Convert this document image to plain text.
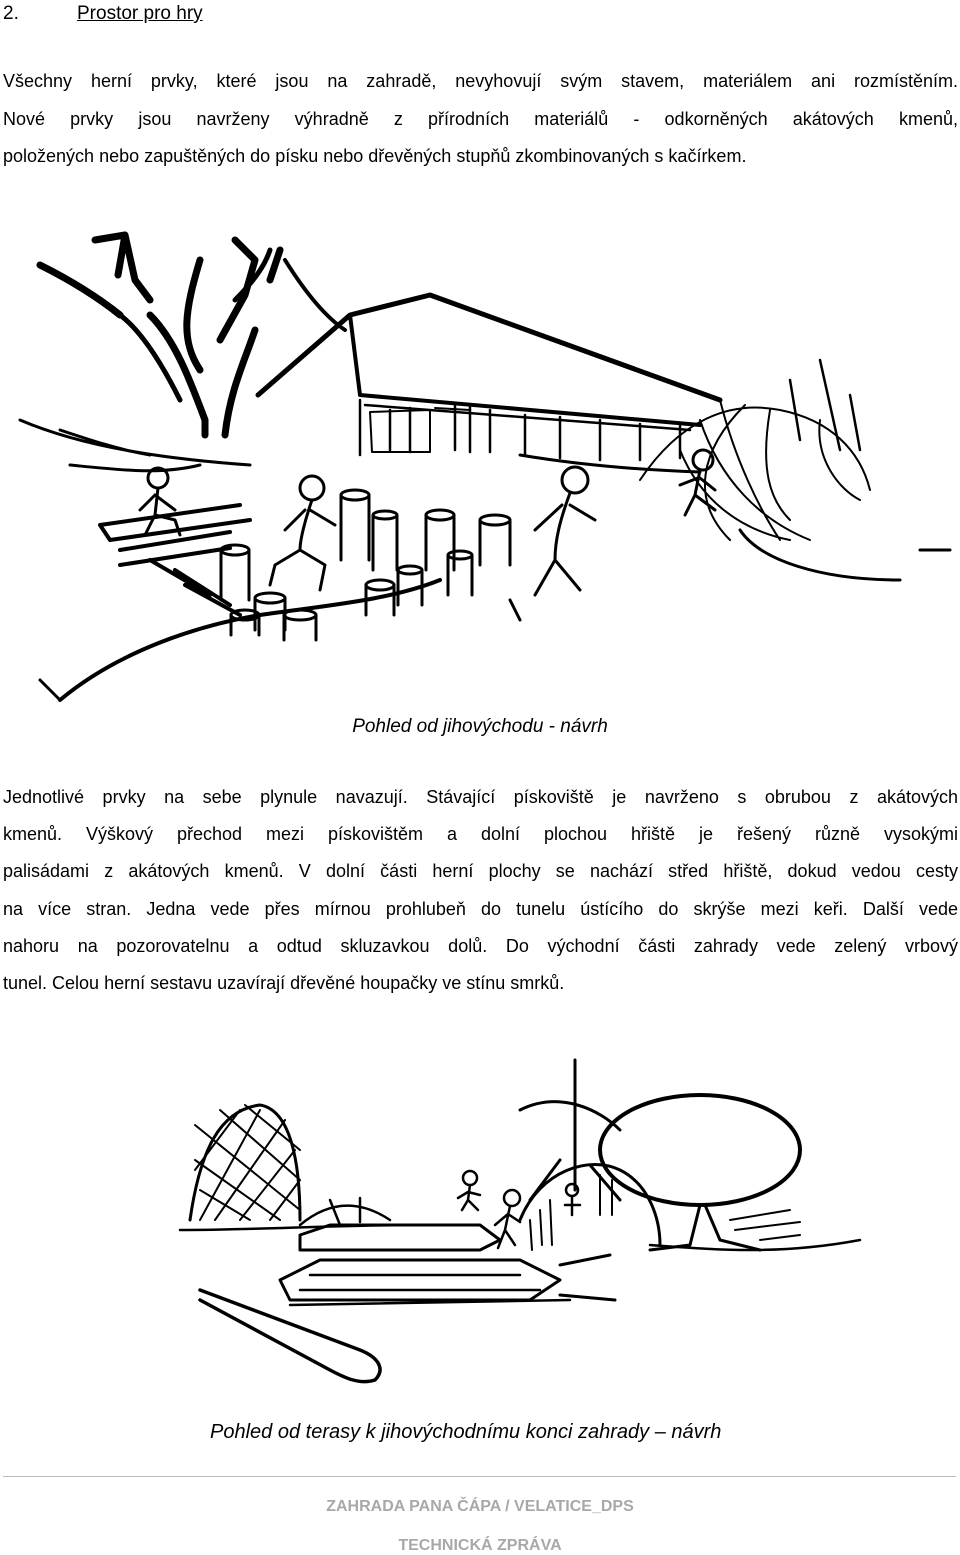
2.	Prostor pro hry
Všechny herní prvky, které jsou na zahradě, nevyhovují svým stavem, materiálem ani rozmístěním.
Nové prvky jsou navrženy výhradně z přírodních materiálů - odkorněných akátových kmenů,
položených nebo zapuštěných do písku nebo dřevěných stupňů zkombinovaných s kačírkem.
Pohled od jihovýchodu - návrh
Jednotlivé prvky na sebe plynule navazují. Stávající pískoviště je navrženo s obrubou z akátových
kmenů. Výškový přechod mezi pískovištěm a dolní plochou hřiště je řešený různě vysokými
palisádami z akátových kmenů. V dolní části herní plochy se nachází střed hřiště, dokud vedou cesty
na více stran. Jedna vede přes mírnou prohlubeň do tunelu ústícího do skrýše mezi keři. Další vede
nahoru na pozorovatelnu a odtud skluzavkou dolů. Do východní části zahrady vede zelený vrbový
tunel. Celou herní sestavu uzavírají dřevěné houpačky ve stínu smrků.
Pohled od terasy k jihovýchodnímu konci zahrady – návrh
ZAHRADA PANA ČÁPA / VELATICE_DPS
TECHNICKÁ ZPRÁVA
